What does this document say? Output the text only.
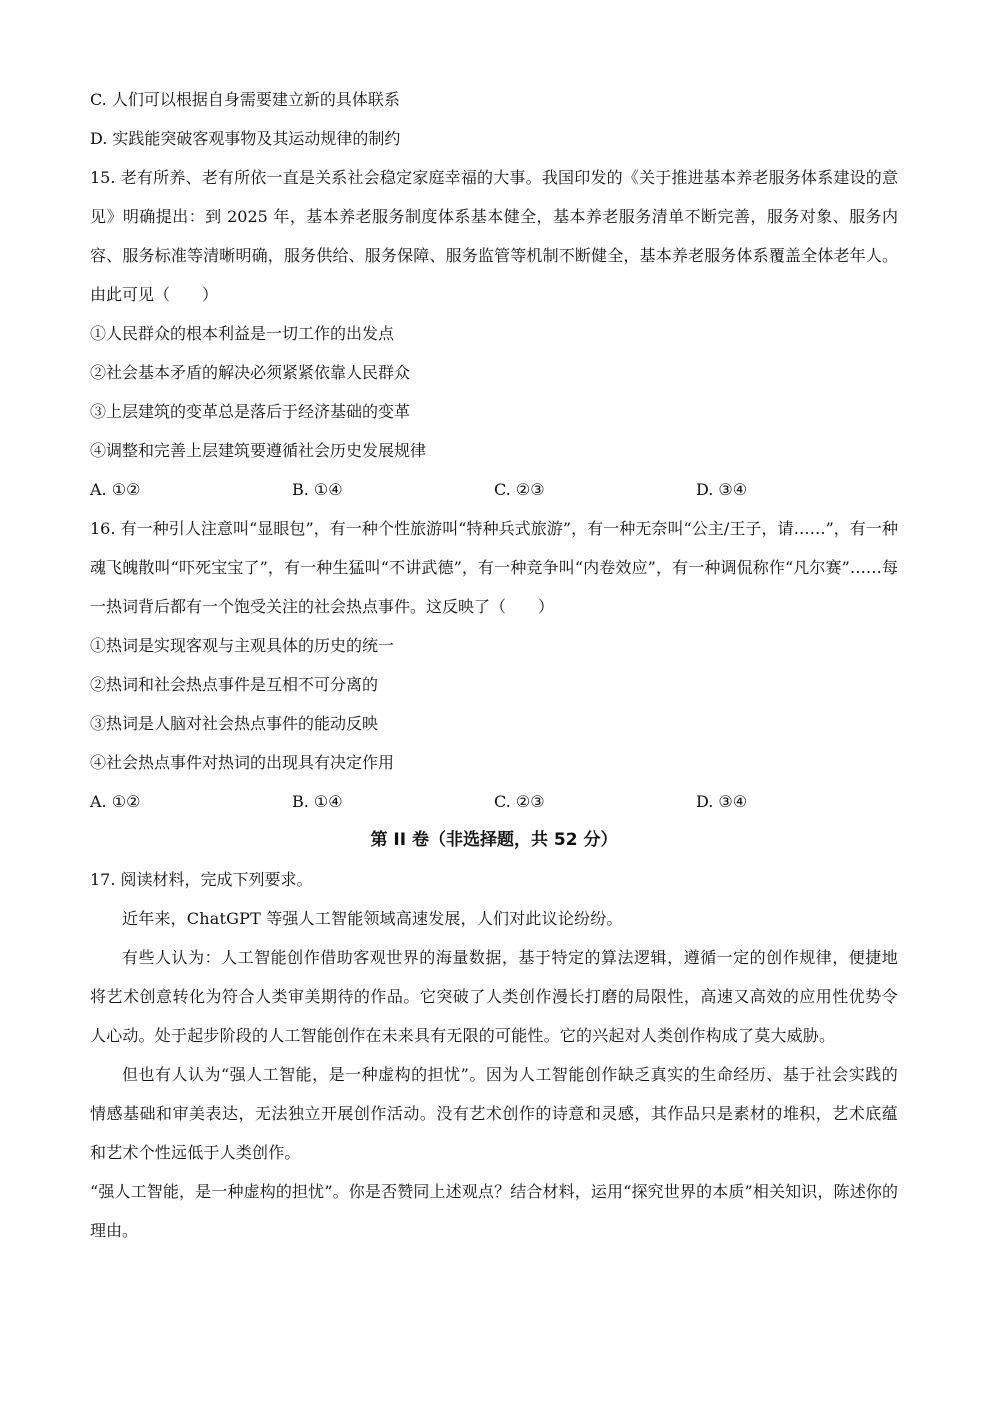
C. 人们可以根据自身需要建立新的具体联系
D. 实践能突破客观事物及其运动规律的制约
15. 老有所养、老有所依一直是关系社会稳定家庭幸福的大事。我国印发的《关于推进基本养老服务体系建设的意见》明确提出：到 2025 年，基本养老服务制度体系基本健全，基本养老服务清单不断完善，服务对象、服务内容、服务标准等清晰明确，服务供给、服务保障、服务监管等机制不断健全，基本养老服务体系覆盖全体老年人。由此可见（　　）
①人民群众的根本利益是一切工作的出发点
②社会基本矛盾的解决必须紧紧依靠人民群众
③上层建筑的变革总是落后于经济基础的变革
④调整和完善上层建筑要遵循社会历史发展规律
A. ①②	B. ①④	C. ②③	D. ③④
16. 有一种引人注意叫“显眼包”，有一种个性旅游叫“特种兵式旅游”，有一种无奈叫“公主/王子，请……”，有一种魂飞魄散叫“吓死宝宝了”，有一种生猛叫“不讲武德”，有一种竞争叫“内卷效应”，有一种调侃称作“凡尔赛”……每一热词背后都有一个饱受关注的社会热点事件。这反映了（　　）
①热词是实现客观与主观具体的历史的统一
②热词和社会热点事件是互相不可分离的
③热词是人脑对社会热点事件的能动反映
④社会热点事件对热词的出现具有决定作用
A. ①②	B. ①④	C. ②③	D. ③④
第 II 卷（非选择题，共 52 分）
17. 阅读材料，完成下列要求。
近年来，ChatGPT 等强人工智能领域高速发展，人们对此议论纷纷。
有些人认为：人工智能创作借助客观世界的海量数据，基于特定的算法逻辑，遵循一定的创作规律，便捷地将艺术创意转化为符合人类审美期待的作品。它突破了人类创作漫长打磨的局限性，高速又高效的应用性优势令人心动。处于起步阶段的人工智能创作在未来具有无限的可能性。它的兴起对人类创作构成了莫大威胁。
但也有人认为“强人工智能，是一种虚构的担忧”。因为人工智能创作缺乏真实的生命经历、基于社会实践的情感基础和审美表达，无法独立开展创作活动。没有艺术创作的诗意和灵感，其作品只是素材的堆积，艺术底蕴和艺术个性远低于人类创作。
“强人工智能，是一种虚构的担忧”。你是否赞同上述观点？结合材料，运用“探究世界的本质”相关知识，陈述你的理由。
